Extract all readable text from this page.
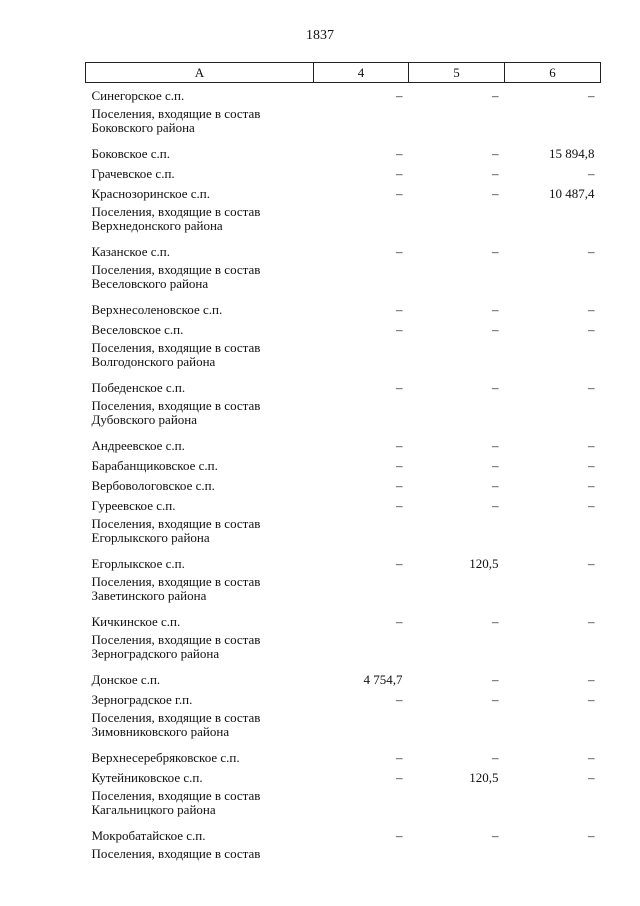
1837
А	4	5	6
Синегорское с.п.	–	–	–
Поселения, входящие в состав Боковского района			
Боковское с.п.	–	–	15 894,8
Грачевское с.п.	–	–	–
Краснозоринское с.п.	–	–	10 487,4
Поселения, входящие в состав Верхнедонского района			
Казанское с.п.	–	–	–
Поселения, входящие в состав Веселовского района			
Верхнесоленовское с.п.	–	–	–
Веселовское с.п.	–	–	–
Поселения, входящие в состав Волгодонского района			
Победенское с.п.	–	–	–
Поселения, входящие в состав Дубовского района			
Андреевское с.п.	–	–	–
Барабанщиковское с.п.	–	–	–
Вербовологовское с.п.	–	–	–
Гуреевское с.п.	–	–	–
Поселения, входящие в состав Егорлыкского района			
Егорлыкское с.п.	–	120,5	–
Поселения, входящие в состав Заветинского района			
Кичкинское с.п.	–	–	–
Поселения, входящие в состав Зерноградского района			
Донское с.п.	4 754,7	–	–
Зерноградское г.п.	–	–	–
Поселения, входящие в состав Зимовниковского района			
Верхнесеребряковское с.п.	–	–	–
Кутейниковское с.п.	–	120,5	–
Поселения, входящие в состав Кагальницкого района			
Мокробатайское с.п.	–	–	–
Поселения, входящие в состав			
